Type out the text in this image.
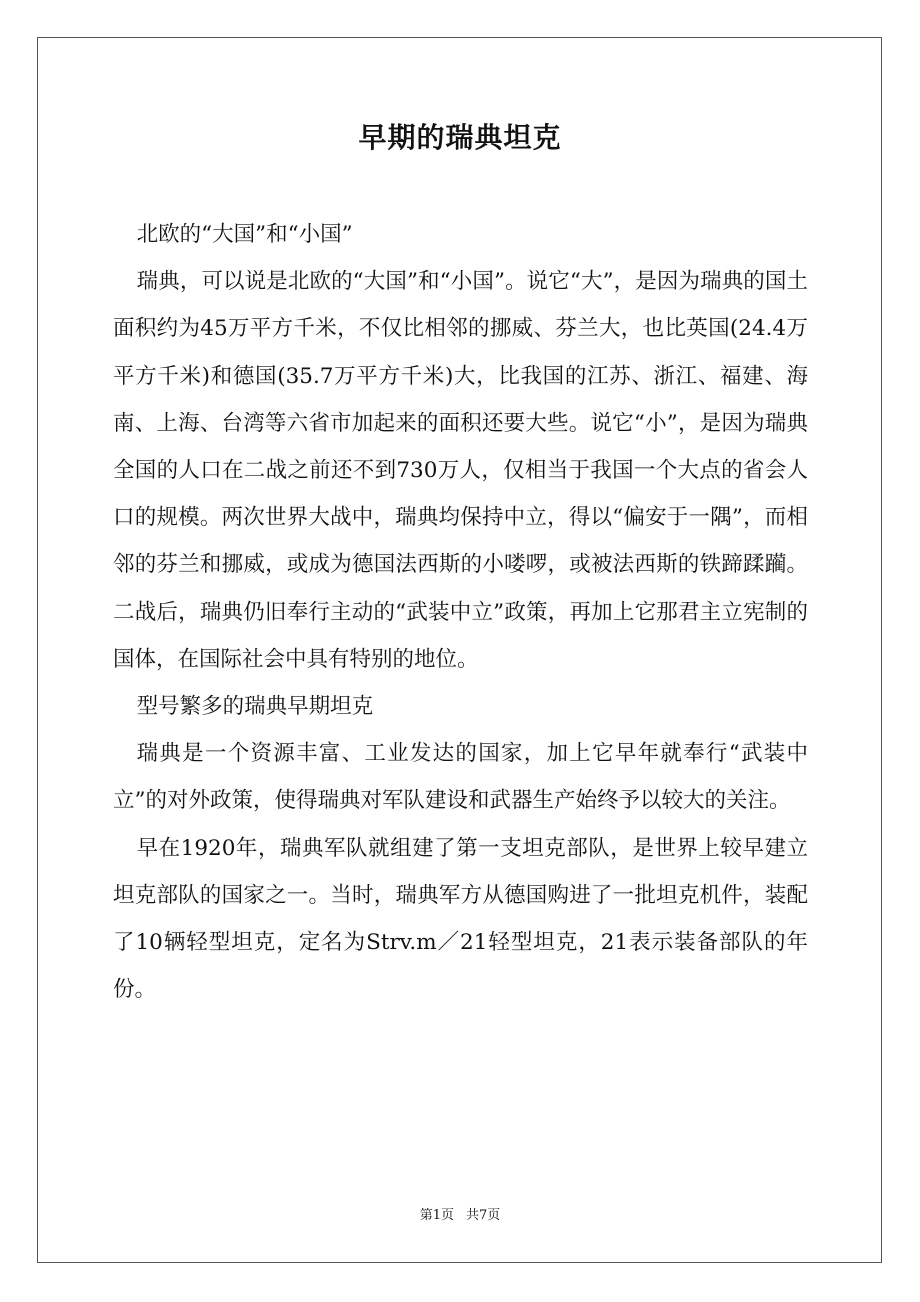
早期的瑞典坦克

北欧的“大国”和“小国”

瑞典，可以说是北欧的“大国”和“小国”。说它“大”，是因为瑞典的国土面积约为45万平方千米，不仅比相邻的挪威、芬兰大，也比英国(24.4万平方千米)和德国(35.7万平方千米)大，比我国的江苏、浙江、福建、海南、上海、台湾等六省市加起来的面积还要大些。说它“小”，是因为瑞典全国的人口在二战之前还不到730万人，仅相当于我国一个大点的省会人口的规模。两次世界大战中，瑞典均保持中立，得以“偏安于一隅”，而相邻的芬兰和挪威，或成为德国法西斯的小喽啰，或被法西斯的铁蹄蹂躏。二战后，瑞典仍旧奉行主动的“武装中立”政策，再加上它那君主立宪制的国体，在国际社会中具有特别的地位。

型号繁多的瑞典早期坦克

瑞典是一个资源丰富、工业发达的国家，加上它早年就奉行“武装中立”的对外政策，使得瑞典对军队建设和武器生产始终予以较大的关注。

早在1920年，瑞典军队就组建了第一支坦克部队，是世界上较早建立坦克部队的国家之一。当时，瑞典军方从德国购进了一批坦克机件，装配了10辆轻型坦克，定名为Strv.m／21轻型坦克，21表示装备部队的年份。

第1页 共7页
